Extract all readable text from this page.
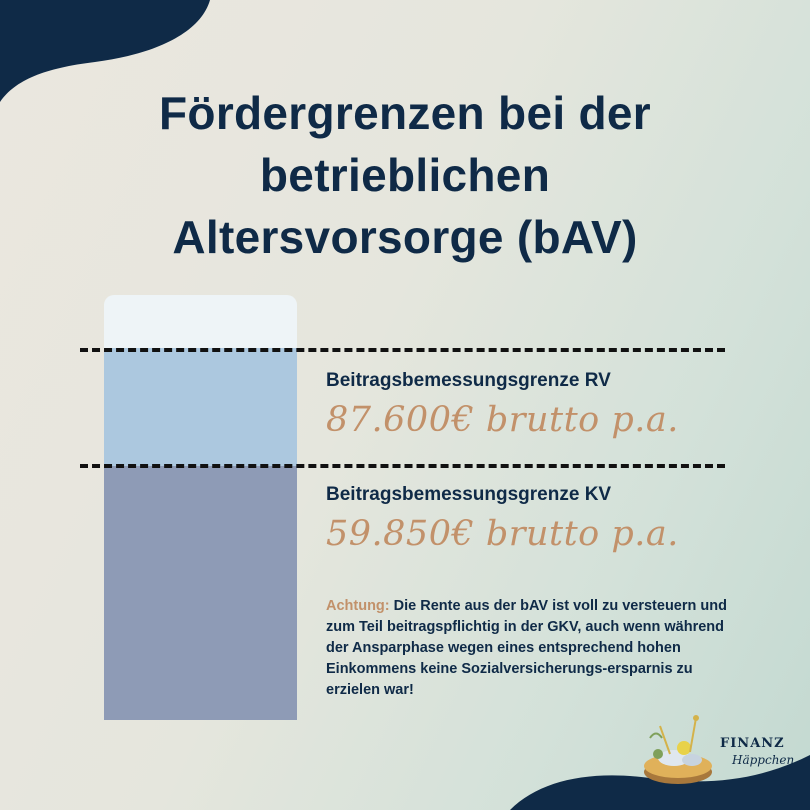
Fördergrenzen bei der
betrieblichen
Altersvorsorge (bAV)
Beitragsbemessungsgrenze RV
87.600€ brutto p.a.
Beitragsbemessungsgrenze KV
59.850€ brutto p.a.
Achtung: Die Rente aus der bAV ist voll zu versteuern und zum Teil beitragspflichtig in der GKV, auch wenn während der Ansparphase wegen eines entsprechend hohen Einkommens keine Sozialversicherungs-ersparnis zu erzielen war!
FINANZ
Häppchen
